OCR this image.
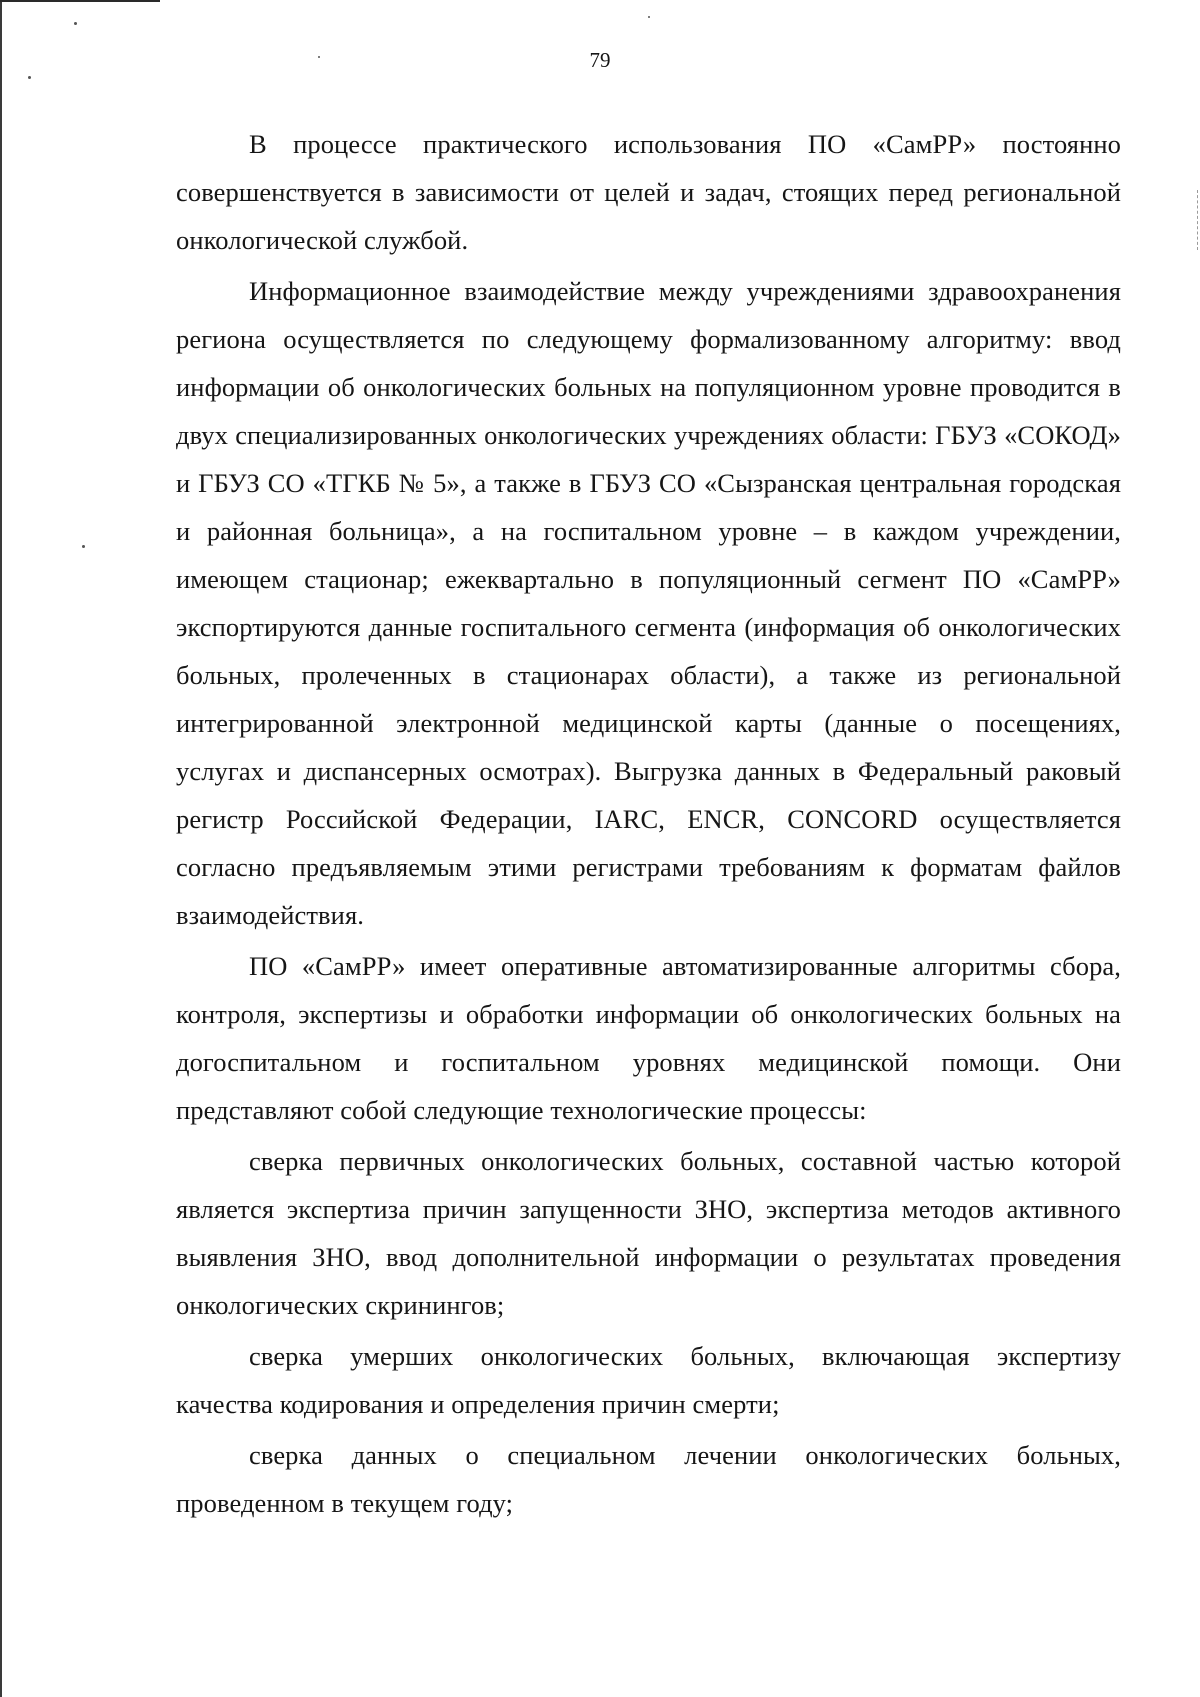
79

В процессе практического использования ПО «СамРР» постоянно совершенствуется в зависимости от целей и задач, стоящих перед региональной онкологической службой.

Информационное взаимодействие между учреждениями здравоохранения региона осуществляется по следующему формализованному алгоритму: ввод информации об онкологических больных на популяционном уровне проводится в двух специализированных онкологических учреждениях области: ГБУЗ «СОКОД» и ГБУЗ СО «ТГКБ № 5», а также в ГБУЗ СО «Сызранская центральная городская и районная больница», а на госпитальном уровне – в каждом учреждении, имеющем стационар; ежеквартально в популяционный сегмент ПО «СамРР» экспортируются данные госпитального сегмента (информация об онкологических больных, пролеченных в стационарах области), а также из региональной интегрированной электронной медицинской карты (данные о посещениях, услугах и диспансерных осмотрах). Выгрузка данных в Федеральный раковый регистр Российской Федерации, IARC, ENCR, CONCORD осуществляется согласно предъявляемым этими регистрами требованиям к форматам файлов взаимодействия.

ПО «СамРР» имеет оперативные автоматизированные алгоритмы сбора, контроля, экспертизы и обработки информации об онкологических больных на догоспитальном и госпитальном уровнях медицинской помощи. Они представляют собой следующие технологические процессы:

сверка первичных онкологических больных, составной частью которой является экспертиза причин запущенности ЗНО, экспертиза методов активного выявления ЗНО, ввод дополнительной информации о результатах проведения онкологических скринингов;

сверка умерших онкологических больных, включающая экспертизу качества кодирования и определения причин смерти;

сверка данных о специальном лечении онкологических больных, проведенном в текущем году;
